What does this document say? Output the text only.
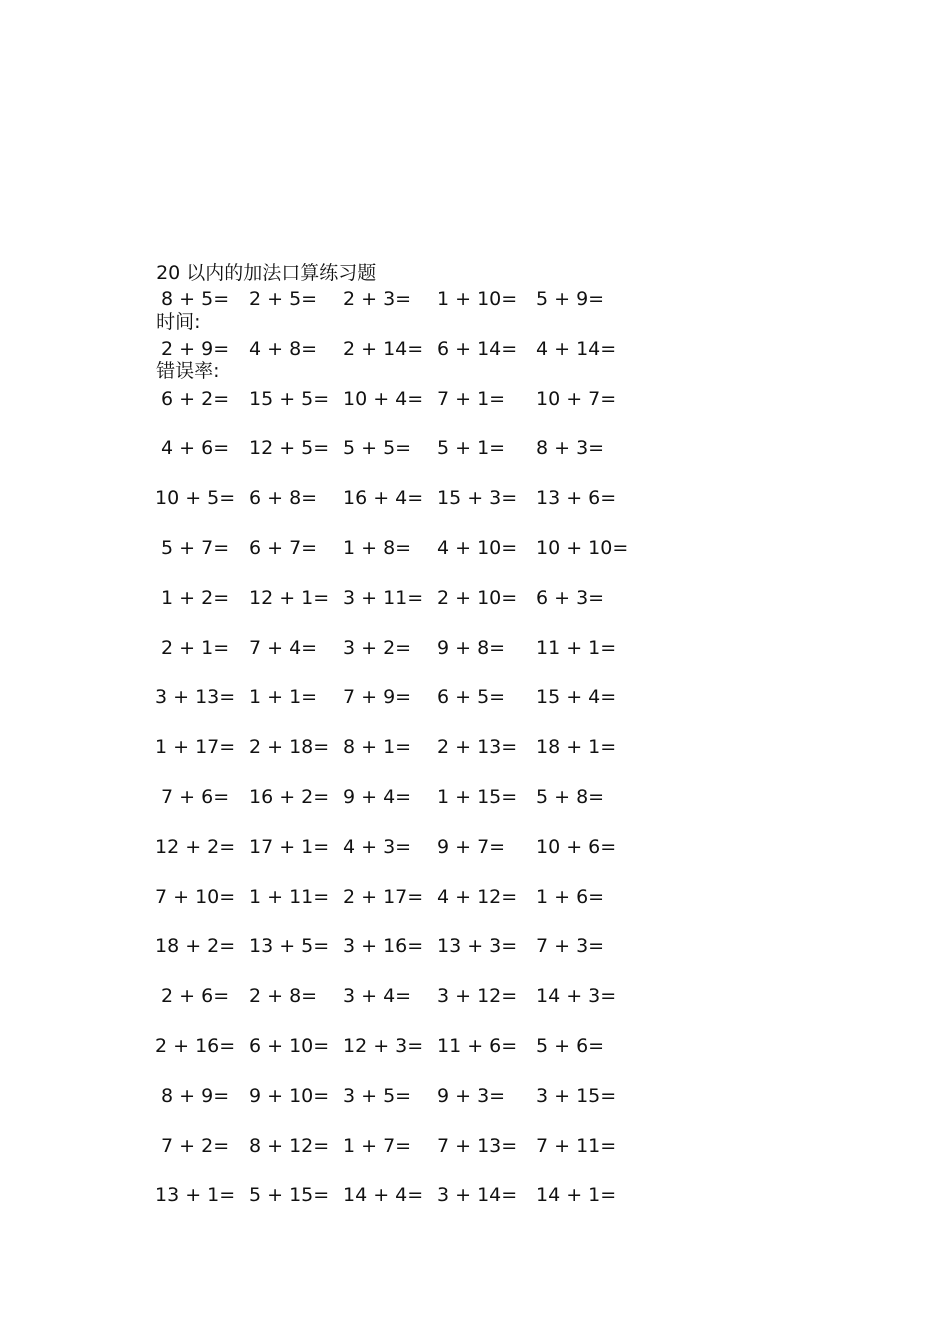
20 以内的加法口算练习题

时间:

错误率:

8 + 5= 2 + 5= 2 + 3= 1 + 10= 5 + 9=
2 + 9= 4 + 8= 2 + 14= 6 + 14= 4 + 14=
6 + 2= 15 + 5= 10 + 4= 7 + 1= 10 + 7=
4 + 6= 12 + 5= 5 + 5= 5 + 1= 8 + 3=
10 + 5= 6 + 8= 16 + 4= 15 + 3= 13 + 6=
5 + 7= 6 + 7= 1 + 8= 4 + 10= 10 + 10=
1 + 2= 12 + 1= 3 + 11= 2 + 10= 6 + 3=
2 + 1= 7 + 4= 3 + 2= 9 + 8= 11 + 1=
3 + 13= 1 + 1= 7 + 9= 6 + 5= 15 + 4=
1 + 17= 2 + 18= 8 + 1= 2 + 13= 18 + 1=
7 + 6= 16 + 2= 9 + 4= 1 + 15= 5 + 8=
12 + 2= 17 + 1= 4 + 3= 9 + 7= 10 + 6=
7 + 10= 1 + 11= 2 + 17= 4 + 12= 1 + 6=
18 + 2= 13 + 5= 3 + 16= 13 + 3= 7 + 3=
2 + 6= 2 + 8= 3 + 4= 3 + 12= 14 + 3=
2 + 16= 6 + 10= 12 + 3= 11 + 6= 5 + 6=
8 + 9= 9 + 10= 3 + 5= 9 + 3= 3 + 15=
7 + 2= 8 + 12= 1 + 7= 7 + 13= 7 + 11=
13 + 1= 5 + 15= 14 + 4= 3 + 14= 14 + 1=
